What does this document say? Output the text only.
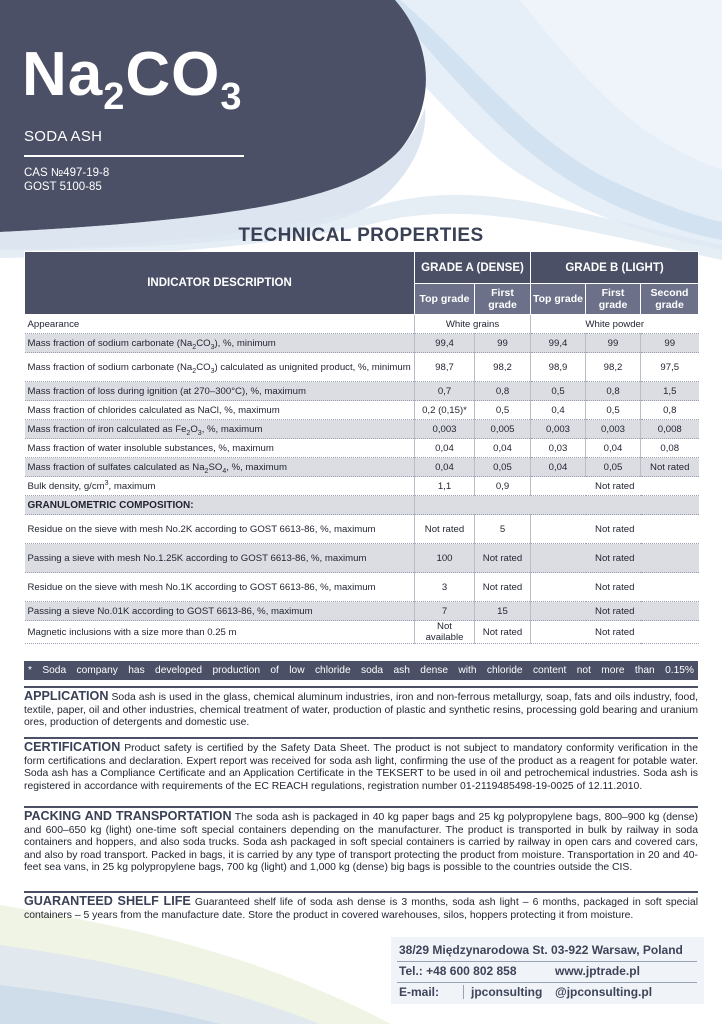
$Na_2CO_3$
SODA ASH
CAS №497-19-8
GOST 5100-85
TECHNICAL PROPERTIES
INDICATOR DESCRIPTION	GRADE A (DENSE)		GRADE B (LIGHT)		
	Top grade	First grade	Top grade	First grade	Second grade
Appearance	White grains		White powder		
Mass fraction of sodium carbonate $(Na_2CO_3)$, %, minimum	99,4	99	99,4	99	99
Mass fraction of sodium carbonate $(Na_2CO_3)$ calculated as unignited product, %, minimum	98,7	98,2	98,9	98,2	97,5
Mass fraction of loss during ignition (at 270–300°C), %, maximum	0,7	0,8	0,5	0,8	1,5
Mass fraction of chlorides calculated as NaCl, %, maximum	0,2 (0,15)*	0,5	0,4	0,5	0,8
Mass fraction of iron calculated as $Fe_2O_3$, %, maximum	0,003	0,005	0,003	0,003	0,008
Mass fraction of water insoluble substances, %, maximum	0,04	0,04	0,03	0,04	0,08
Mass fraction of sulfates calculated as $Na_2SO_4$, %, maximum	0,04	0,05	0,04	0,05	Not rated
Bulk density, $g/cm^3$, maximum	1,1	0,9	Not rated		
GRANULOMETRIC COMPOSITION:					
Residue on the sieve with mesh No.2K according to GOST 6613-86, %, maximum	Not rated	5	Not rated		
Passing a sieve with mesh No.1.25K according to GOST 6613-86, %, maximum	100	Not rated	Not rated		
Residue on the sieve with mesh No.1K according to GOST 6613-86, %, maximum	3	Not rated	Not rated		
Passing a sieve No.01K according to GOST 6613-86, %, maximum	7	15	Not rated		
Magnetic inclusions with a size more than 0.25 m	Not available	Not rated	Not rated		
* Soda company has developed production of low chloride soda ash dense with chloride content not more than 0.15%
APPLICATION Soda ash is used in the glass, chemical aluminum industries, iron and non-ferrous metallurgy, soap, fats and oils industry, food, textile, paper, oil and other industries, chemical treatment of water, production of plastic and synthetic resins, processing gold bearing and uranium ores, production of detergents and domestic use.
CERTIFICATION Product safety is certified by the Safety Data Sheet. The product is not subject to mandatory conformity verification in the form certifications and declaration. Expert report was received for soda ash light, confirming the use of the product as a reagent for potable water. Soda ash has a Compliance Certificate and an Application Certificate in the TEKSERT to be used in oil and petrochemical industries. Soda ash is registered in accordance with requirements of the EC REACH regulations, registration number 01-2119485498-19-0025 of 12.11.2010.
PACKING AND TRANSPORTATION The soda ash is packaged in 40 kg paper bags and 25 kg polypropylene bags, 800–900 kg (dense) and 600–650 kg (light) one-time soft special containers depending on the manufacturer. The product is transported in bulk by railway in soda containers and hoppers, and also soda trucks. Soda ash packaged in soft special containers is carried by railway in open cars and covered cars, and also by road transport. Packed in bags, it is carried by any type of transport protecting the product from moisture. Transportation in 20 and 40-feet sea vans, in 25 kg polypropylene bags, 700 kg (light) and 1,000 kg (dense) big bags is possible to the countries outside the CIS.
GUARANTEED SHELF LIFE Guaranteed shelf life of soda ash dense is 3 months, soda ash light – 6 months, packaged in soft special containers – 5 years from the manufacture date. Store the product in covered warehouses, silos, hoppers protecting it from moisture.
38/29 Międzynarodowa St. 03-922 Warsaw, Poland
Tel.: +48 600 802 858	www.jptrade.pl
E-mail:	jpconsulting @jpconsulting.pl
